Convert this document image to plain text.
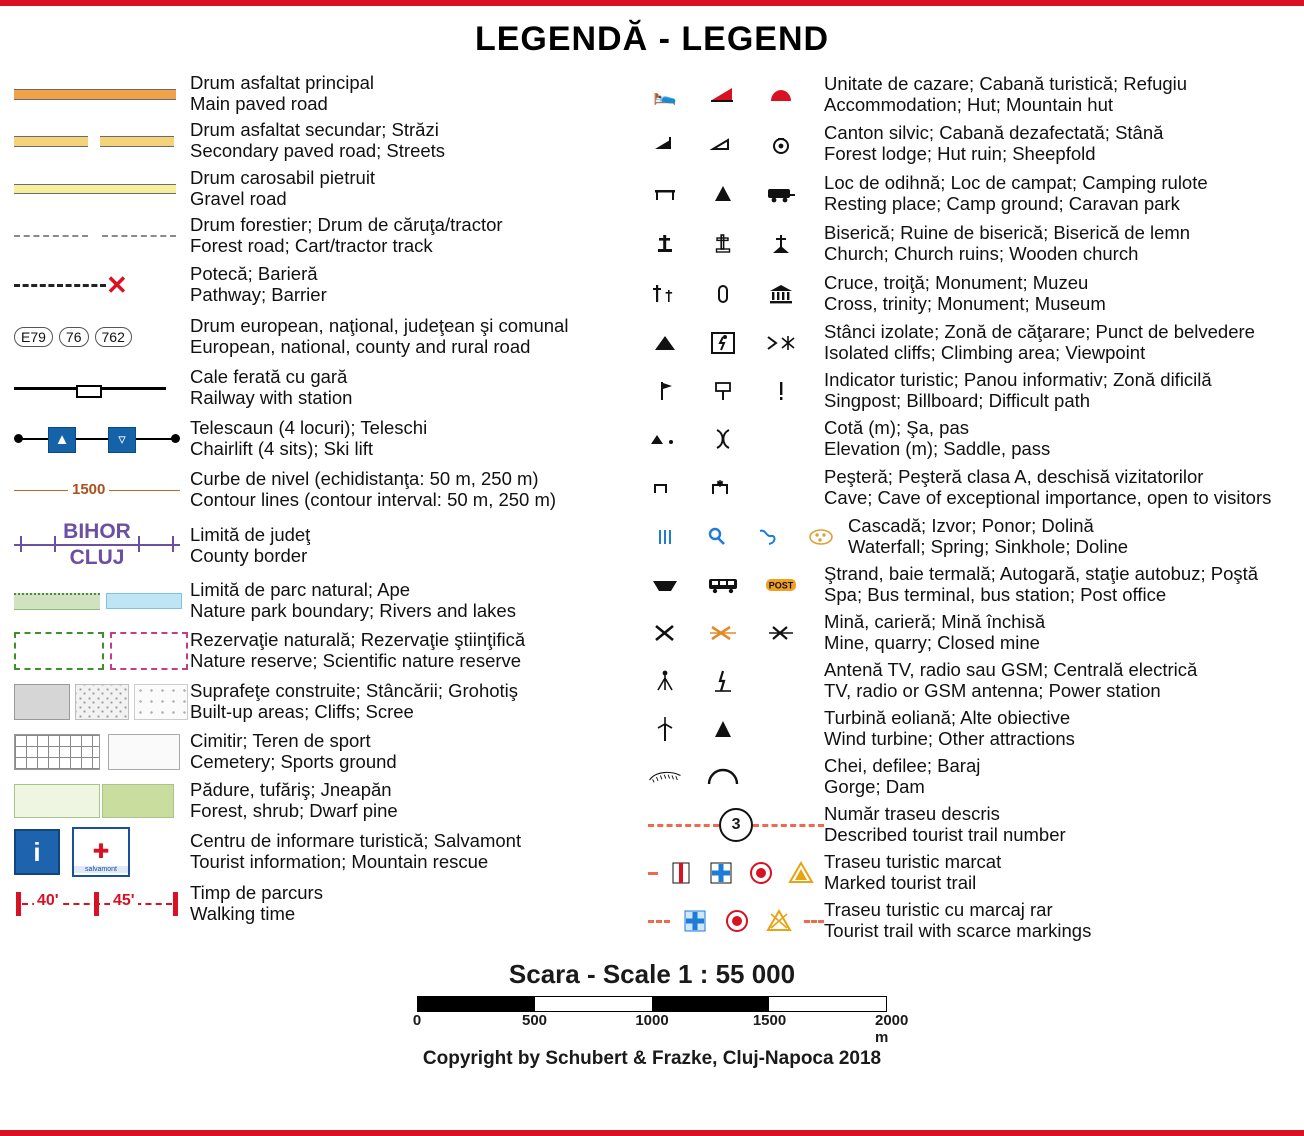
LEGENDĂ - LEGEND
Drum asfaltat principal
Main paved road
Drum asfaltat secundar; Străzi
Secondary paved road; Streets
Drum carosabil pietruit
Gravel road
Drum forestier; Drum de căruţa/tractor
Forest road; Cart/tractor track
✕	Potecă; Barieră
Pathway; Barrier
E79	76	762
Drum european, naţional, judeţean şi comunal
European, national, county and rural road
Cale ferată cu gară
Railway with station
▲	▿
Telescaun (4 locuri); Teleschi
Chairlift (4 sits); Ski lift
1500
Curbe de nivel (echidistanţa: 50 m, 250 m)
Contour lines (contour interval: 50 m, 250 m)
BIHOR
CLUJ
Limită de judeţ
County border
Limită de parc natural; Ape
Nature park boundary; Rivers and lakes
Rezervaţie naturală; Rezervaţie ştiinţifică
Nature reserve; Scientific nature reserve
Suprafeţe construite; Stâncării; Grohotiş
Built-up areas; Cliffs; Scree
Cimitir; Teren de sport
Cemetery; Sports ground
Pădure, tufăriş; Jneapăn
Forest, shrub; Dwarf pine
i	✚
salvamont
Centru de informare turistică; Salvamont
Tourist information; Mountain rescue
40'	45'	Timp de parcurs
Walking time
🛌
Unitate de cazare; Cabană turistică; Refugiu
Accommodation; Hut; Mountain hut
Canton silvic; Cabană dezafectată; Stână
Forest lodge; Hut ruin; Sheepfold
Loc de odihnă; Loc de campat; Camping rulote
Resting place; Camp ground; Caravan park
Biserică; Ruine de biserică; Biserică de lemn
Church; Church ruins; Wooden church
Cruce, troiţă; Monument; Muzeu
Cross, trinity; Monument; Museum
Stânci izolate; Zonă de căţarare; Punct de belvedere
Isolated cliffs; Climbing area; Viewpoint
Indicator turistic; Panou informativ; Zonă dificilă
Singpost; Billboard; Difficult path
Cotă (m); Şa, pas
Elevation (m); Saddle, pass
Peşteră; Peşteră clasa A, deschisă vizitatorilor
Cave; Cave of exceptional importance, open to visitors
Cascadă; Izvor; Ponor; Dolină
Waterfall; Spring; Sinkhole; Doline
POST
Ştrand, baie termală; Autogară, staţie autobuz; Poştă
Spa; Bus terminal, bus station; Post office
Mină, carieră; Mină închisă
Mine, quarry; Closed mine
Antenă TV, radio sau GSM; Centrală electrică
TV, radio or GSM antenna; Power station
Turbină eoliană; Alte obiective
Wind turbine; Other attractions
Chei, defilee; Baraj
Gorge; Dam
3
Număr traseu descris
Described tourist trail number
Traseu turistic marcat
Marked tourist trail
Traseu turistic cu marcaj rar
Tourist trail with scarce markings
Scara - Scale 1 : 55 000
0	500	1000	1500	2000 m
Copyright by Schubert & Frazke, Cluj-Napoca 2018
